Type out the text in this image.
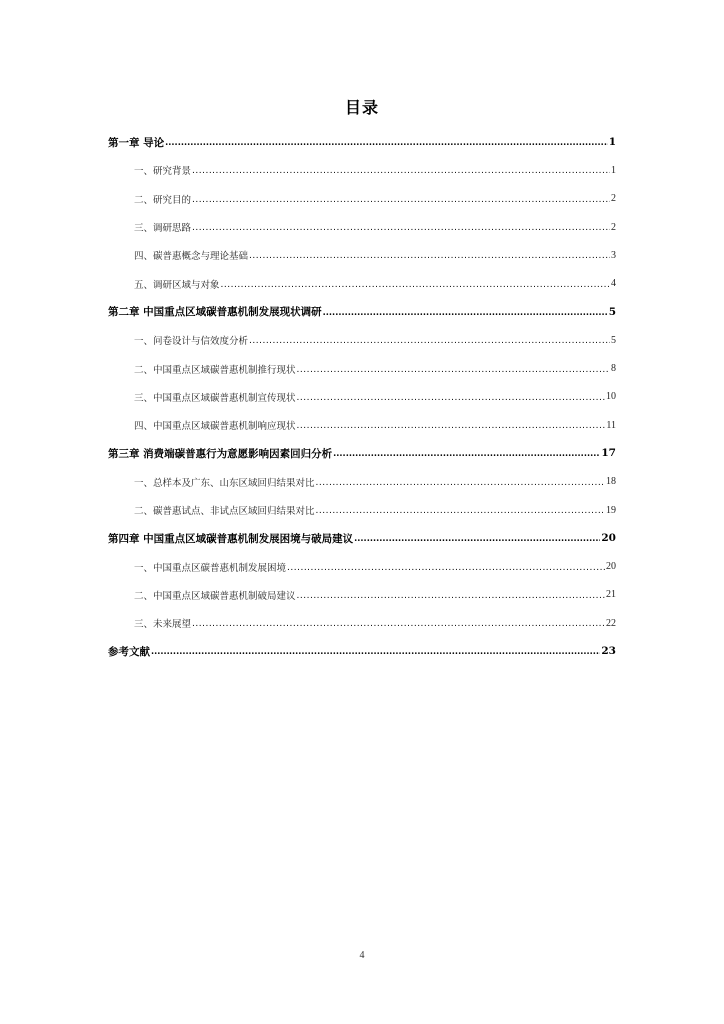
目录
第一章 导论 .....	1
一、研究背景 .....	1
二、研究目的 .....	2
三、调研思路 .....	2
四、碳普惠概念与理论基础 .....	3
五、调研区域与对象 .....	4
第二章 中国重点区域碳普惠机制发展现状调研 .....	5
一、问卷设计与信效度分析 .....	5
二、中国重点区域碳普惠机制推行现状 .....	8
三、中国重点区域碳普惠机制宣传现状 .....	10
四、中国重点区域碳普惠机制响应现状 .....	11
第三章 消费端碳普惠行为意愿影响因素回归分析 .....	17
一、总样本及广东、山东区域回归结果对比 .....	18
二、碳普惠试点、非试点区域回归结果对比 .....	19
第四章 中国重点区域碳普惠机制发展困境与破局建议 .....	20
一、中国重点区碳普惠机制发展困境 .....	20
二、中国重点区域碳普惠机制破局建议 .....	21
三、未来展望 .....	22
参考文献 .....	23
4
